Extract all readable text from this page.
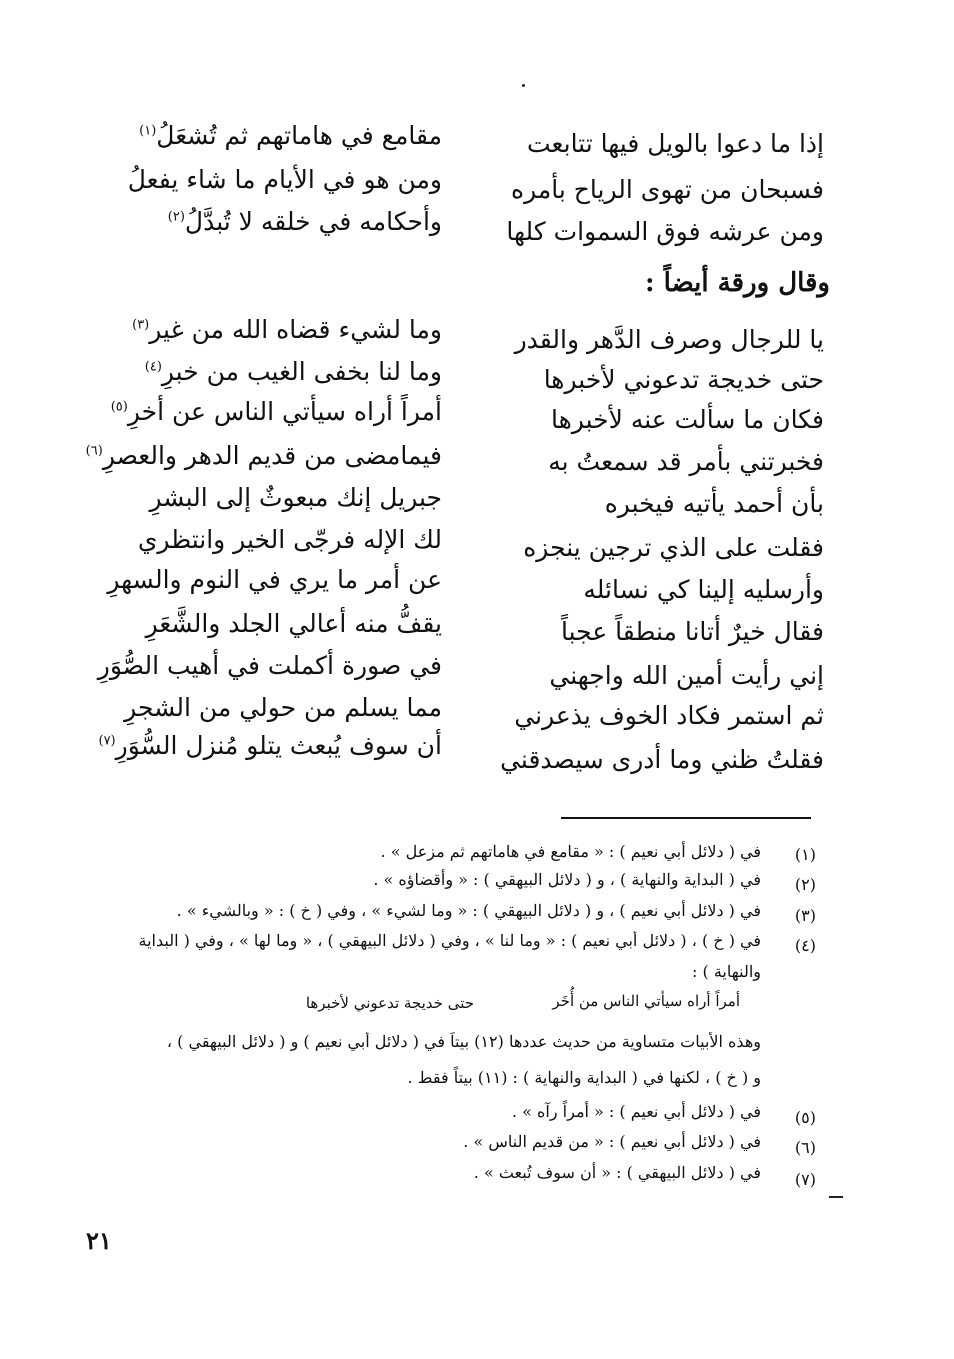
إذا ما دعوا بالويل فيها تتابعت
فسبحان من تهوى الرياح بأمره
ومن عرشه فوق السموات كلها
مقامع في هاماتهم ثم تُشعَلُ$^{(١)}$
ومن هو في الأيام ما شاء يفعلُ
وأحكامه في خلقه لا تُبدَّلُ$^{(٢)}$
وقال ورقة أيضاً :
يا للرجال وصرف الدَّهر والقدر
حتى خديجة تدعوني لأخبرها
فكان ما سألت عنه لأخبرها
فخبرتني بأمر قد سمعتُ به
بأن أحمد يأتيه فيخبره
فقلت على الذي ترجين ينجزه
وأرسليه إلينا كي نسائله
فقال خيرٌ أتانا منطقاً عجباً
إني رأيت أمين الله واجهني
ثم استمر فكاد الخوف يذعرني
فقلتُ ظني وما أدرى سيصدقني
وما لشيء قضاه الله من غير$^{(٣)}$
وما لنا بخفى الغيب من خبرِ$^{(٤)}$
أمراً أراه سيأتي الناس عن أخرِ$^{(٥)}$
فيمامضى من قديم الدهر والعصرِ$^{(٦)}$
جبريل إنك مبعوثٌ إلى البشرِ
لك الإله فرجّى الخير وانتظري
عن أمر ما يري في النوم والسهرِ
يقفُّ منه أعالي الجلد والشَّعَرِ
في صورة أكملت في أهيب الصُّوَرِ
مما يسلم من حولي من الشجرِ
أن سوف يُبعث يتلو مُنزل السُّوَرِ$^{(٧)}$
(١)
في ( دلائل أبي نعيم ) : « مقامع في هاماتهم ثم مزعل » .
(٢)
في ( البداية والنهاية ) ، و ( دلائل البيهقي ) : « وأقضاؤه » .
(٣)
في ( دلائل أبي نعيم ) ، و ( دلائل البيهقي ) : « وما لشيء » ، وفي ( خ ) : « وبالشيء » .
(٤)
في ( خ ) ، ( دلائل أبي نعيم ) : « وما لنا » ، وفي ( دلائل البيهقي ) ، « وما لها » ، وفي ( البداية
والنهاية ) :
حتى خديجة تدعوني لأخبرها	أمراً أراه سيأتي الناس من أُخَر
وهذه الأبيات متساوية من حديث عددها (١٢) بيتاً في ( دلائل أبي نعيم ) و ( دلائل البيهقي ) ،
و ( خ ) ، لكنها في ( البداية والنهاية ) : (١١) بيتاً فقط .
(٥)
في ( دلائل أبي نعيم ) : « أمراً رآه » .
(٦)
في ( دلائل أبي نعيم ) : « من قديم الناس » .
(٧)
في ( دلائل البيهقي ) : « أن سوف تُبعث » .
٢١
